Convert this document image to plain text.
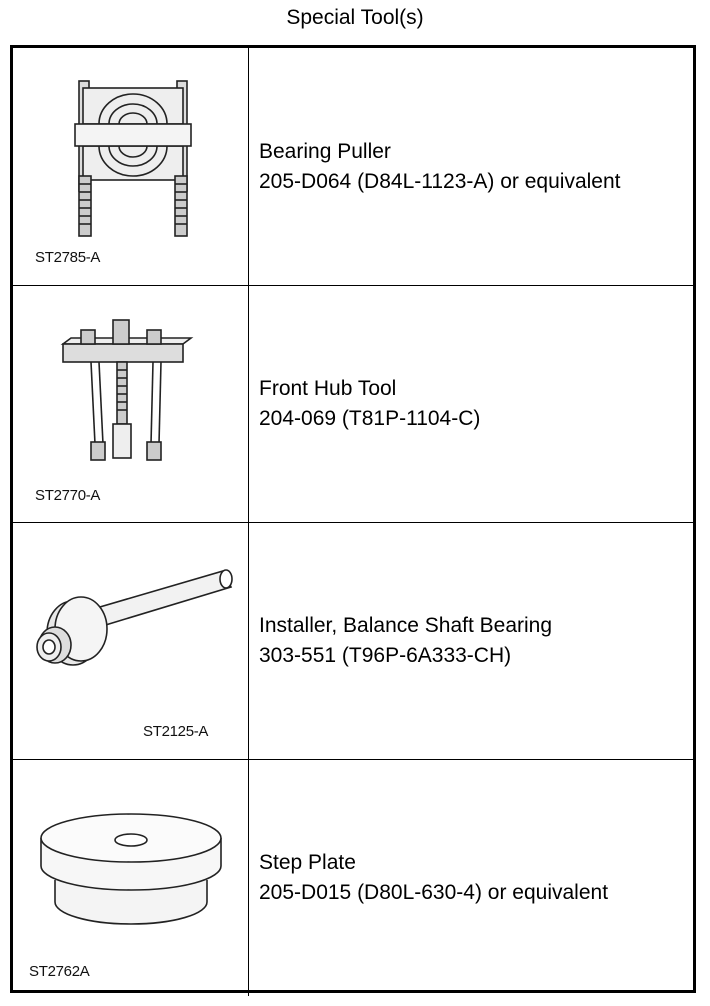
Special Tool(s)
ST2785-A
Bearing Puller
205-D064 (D84L-1123-A) or equivalent
ST2770-A
Front Hub Tool
204-069 (T81P-1104-C)
ST2125-A
Installer, Balance Shaft Bearing
303-551 (T96P-6A333-CH)
ST2762A
Step Plate
205-D015 (D80L-630-4) or equivalent
